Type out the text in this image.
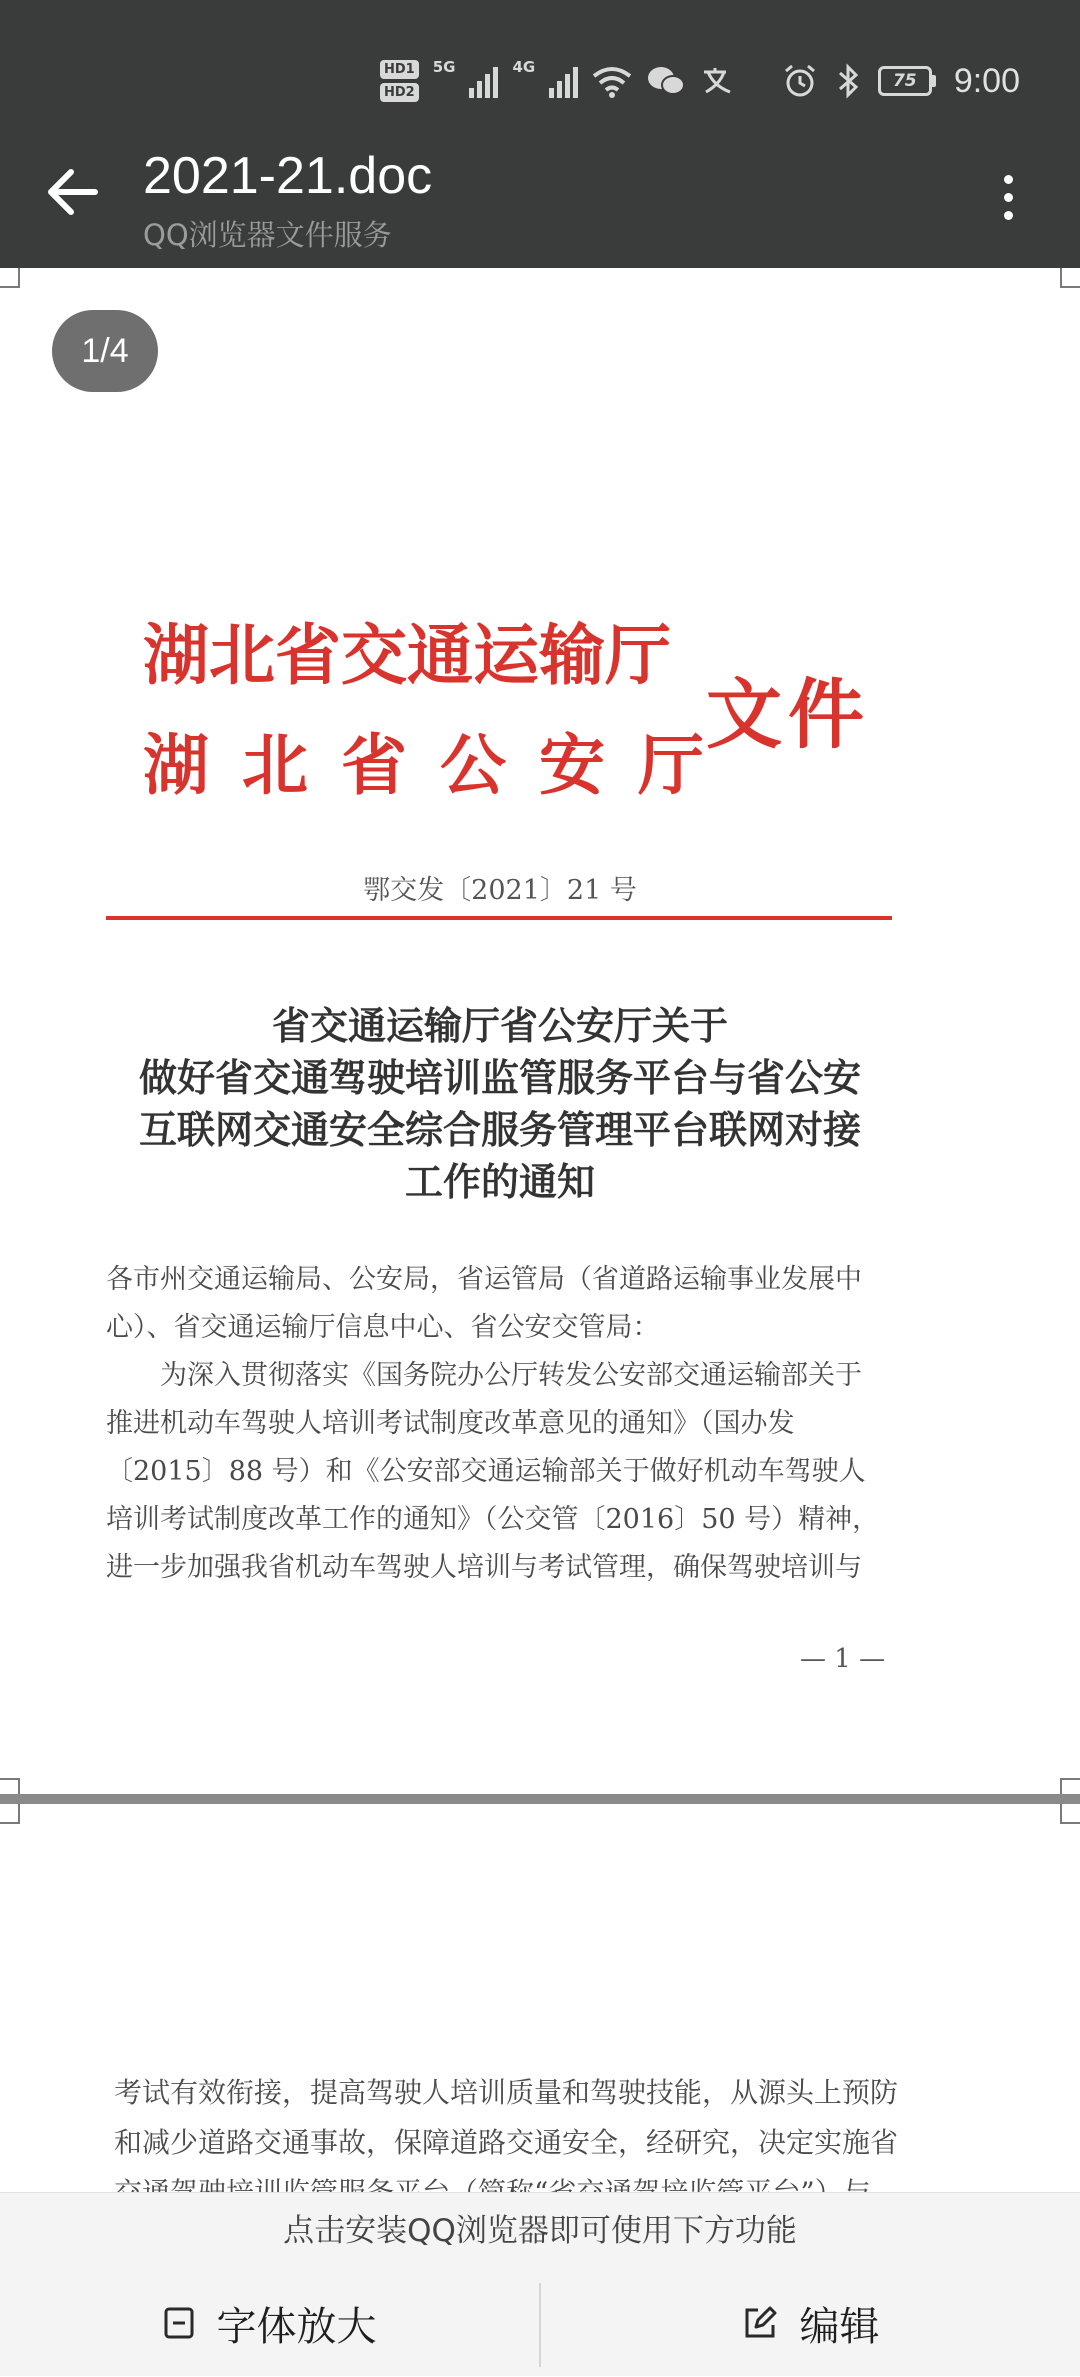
HD1
HD2
5G	4G
75	9:00
2021-21.doc
QQ浏览器文件服务
湖北省交通运输厅
湖北省公安厅
文件
鄂交发〔2021〕21 号
省交通运输厅省公安厅关于
做好省交通驾驶培训监管服务平台与省公安
互联网交通安全综合服务管理平台联网对接
工作的通知
各市州交通运输局、公安局，省运管局（省道路运输事业发展中
心）、省交通运输厅信息中心、省公安交管局：
　　为深入贯彻落实《国务院办公厅转发公安部交通运输部关于
推进机动车驾驶人培训考试制度改革意见的通知》（国办发
〔2015〕88 号）和《公安部交通运输部关于做好机动车驾驶人
培训考试制度改革工作的通知》（公交管〔2016〕50 号）精神，
进一步加强我省机动车驾驶人培训与考试管理，确保驾驶培训与
— 1 —
考试有效衔接，提高驾驶人培训质量和驾驶技能，从源头上预防
和减少道路交通事故，保障道路交通安全，经研究，决定实施省
1/4
点击安装QQ浏览器即可使用下方功能
字体放大	编辑
